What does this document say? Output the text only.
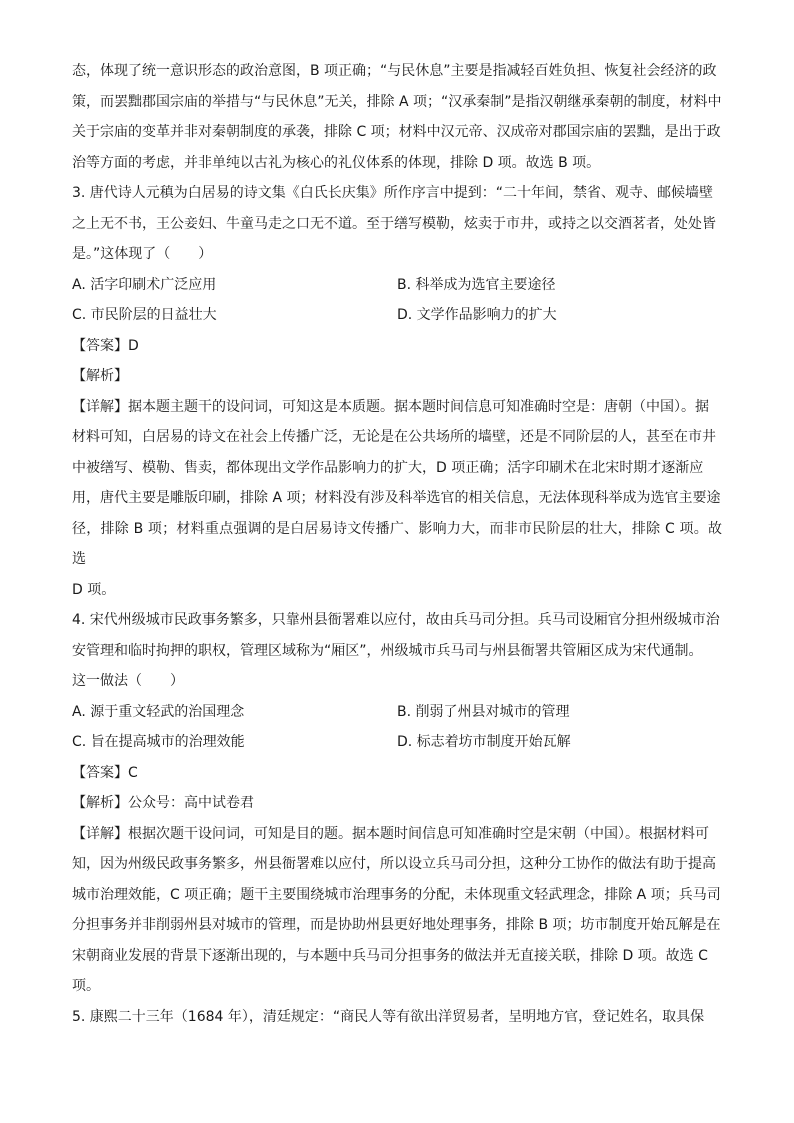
态，体现了统一意识形态的政治意图，B 项正确；“与民休息”主要是指减轻百姓负担、恢复社会经济的政

策，而罢黜郡国宗庙的举措与“与民休息”无关，排除 A 项；“汉承秦制”是指汉朝继承秦朝的制度，材料中

关于宗庙的变革并非对秦朝制度的承袭，排除 C 项；材料中汉元帝、汉成帝对郡国宗庙的罢黜，是出于政

治等方面的考虑，并非单纯以古礼为核心的礼仪体系的体现，排除 D 项。故选 B 项。

3. 唐代诗人元稹为白居易的诗文集《白氏长庆集》所作序言中提到：“二十年间，禁省、观寺、邮候墙壁

之上无不书，王公妾妇、牛童马走之口无不道。至于缮写模勒，炫卖于市井，或持之以交酒茗者，处处皆

是。”这体现了（　　）

A. 活字印刷术广泛应用	B. 科举成为选官主要途径

C. 市民阶层的日益壮大	D. 文学作品影响力的扩大

【答案】D

【解析】

【详解】据本题主题干的设问词，可知这是本质题。据本题时间信息可知准确时空是：唐朝（中国）。据

材料可知，白居易的诗文在社会上传播广泛，无论是在公共场所的墙壁，还是不同阶层的人，甚至在市井

中被缮写、模勒、售卖，都体现出文学作品影响力的扩大，D 项正确；活字印刷术在北宋时期才逐渐应

用，唐代主要是雕版印刷，排除 A 项；材料没有涉及科举选官的相关信息，无法体现科举成为选官主要途

径，排除 B 项；材料重点强调的是白居易诗文传播广、影响力大，而非市民阶层的壮大，排除 C 项。故选

D 项。

4. 宋代州级城市民政事务繁多，只靠州县衙署难以应付，故由兵马司分担。兵马司设厢官分担州级城市治

安管理和临时拘押的职权，管理区域称为“厢区”，州级城市兵马司与州县衙署共管厢区成为宋代通制。

这一做法（　　）

A. 源于重文轻武的治国理念	B. 削弱了州县对城市的管理

C. 旨在提高城市的治理效能	D. 标志着坊市制度开始瓦解

【答案】C

【解析】公众号：高中试卷君

【详解】根据次题干设问词，可知是目的题。据本题时间信息可知准确时空是宋朝（中国）。根据材料可

知，因为州级民政事务繁多，州县衙署难以应付，所以设立兵马司分担，这种分工协作的做法有助于提高

城市治理效能，C 项正确；题干主要围绕城市治理事务的分配，未体现重文轻武理念，排除 A 项；兵马司

分担事务并非削弱州县对城市的管理，而是协助州县更好地处理事务，排除 B 项；坊市制度开始瓦解是在

宋朝商业发展的背景下逐渐出现的，与本题中兵马司分担事务的做法并无直接关联，排除 D 项。故选 C

项。

5. 康熙二十三年（1684 年），清廷规定：“商民人等有欲出洋贸易者，呈明地方官，登记姓名，取具保
